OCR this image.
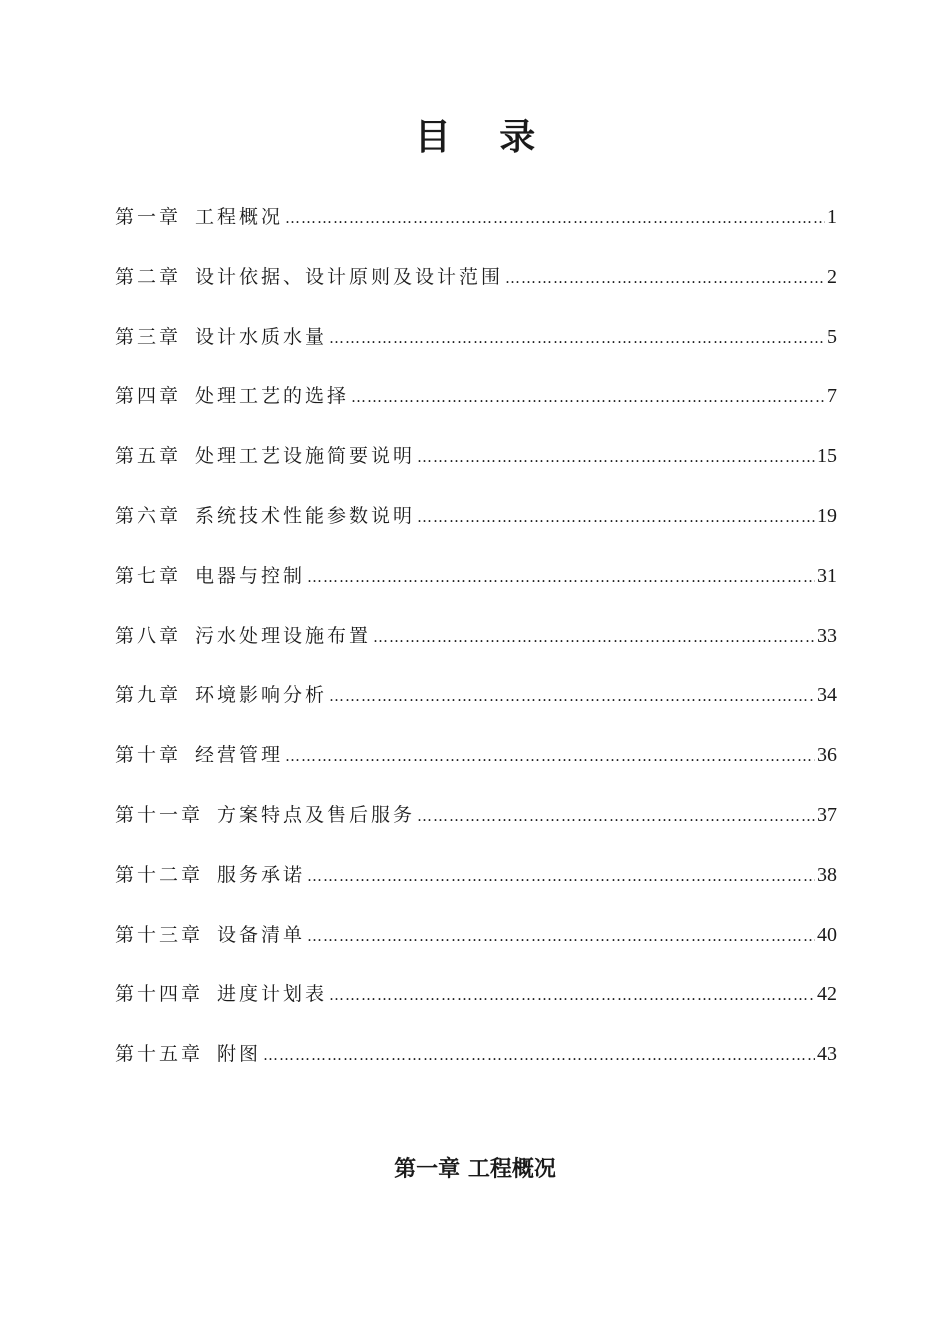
目 录
第一章 工程概况 …………………………………………………………………………………………………………………………………………………………	1
第二章 设计依据、设计原则及设计范围 …………………………………………………………………………………………………………………………………………………………	2
第三章 设计水质水量 …………………………………………………………………………………………………………………………………………………………	5
第四章 处理工艺的选择 …………………………………………………………………………………………………………………………………………………………	7
第五章 处理工艺设施简要说明 …………………………………………………………………………………………………………………………………………………………	15
第六章 系统技术性能参数说明 …………………………………………………………………………………………………………………………………………………………	19
第七章 电器与控制 …………………………………………………………………………………………………………………………………………………………	31
第八章 污水处理设施布置 …………………………………………………………………………………………………………………………………………………………	33
第九章 环境影响分析 …………………………………………………………………………………………………………………………………………………………	34
第十章 经营管理 …………………………………………………………………………………………………………………………………………………………	36
第十一章 方案特点及售后服务 …………………………………………………………………………………………………………………………………………………………	37
第十二章 服务承诺 …………………………………………………………………………………………………………………………………………………………	38
第十三章 设备清单 …………………………………………………………………………………………………………………………………………………………	40
第十四章 进度计划表 …………………………………………………………………………………………………………………………………………………………	42
第十五章 附图 …………………………………………………………………………………………………………………………………………………………	43
第一章 工程概况
